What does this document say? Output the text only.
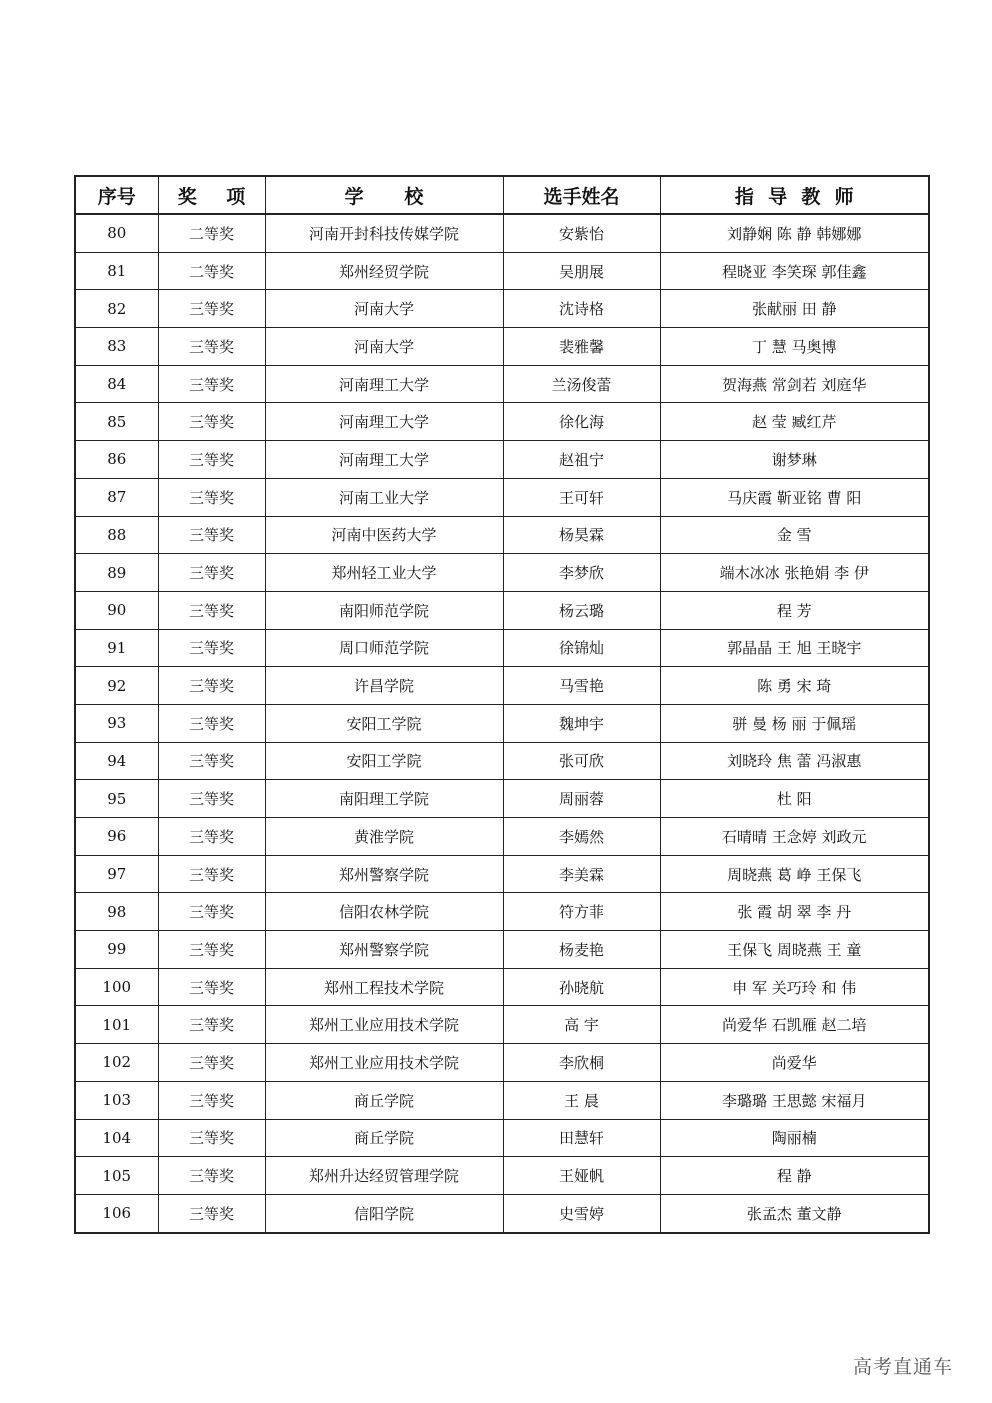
序号	奖 项	学 校	选手姓名	指 导 教 师
80	二等奖	河南开封科技传媒学院	安紫怡	刘静娴 陈 静 韩娜娜
81	二等奖	郑州经贸学院	吴朋展	程晓亚 李笑琛 郭佳鑫
82	三等奖	河南大学	沈诗格	张献丽 田 静
83	三等奖	河南大学	裴雅馨	丁 慧 马奥博
84	三等奖	河南理工大学	兰汤俊蕾	贺海燕 常剑若 刘庭华
85	三等奖	河南理工大学	徐化海	赵 莹 臧红芹
86	三等奖	河南理工大学	赵祖宁	谢梦琳
87	三等奖	河南工业大学	王可轩	马庆霞 靳亚铭 曹 阳
88	三等奖	河南中医药大学	杨昊霖	金 雪
89	三等奖	郑州轻工业大学	李梦欣	端木冰冰 张艳娟 李 伊
90	三等奖	南阳师范学院	杨云璐	程 芳
91	三等奖	周口师范学院	徐锦灿	郭晶晶 王 旭 王晓宇
92	三等奖	许昌学院	马雪艳	陈 勇 宋 琦
93	三等奖	安阳工学院	魏坤宇	骈 曼 杨 丽 于佩瑶
94	三等奖	安阳工学院	张可欣	刘晓玲 焦 蕾 冯淑惠
95	三等奖	南阳理工学院	周丽蓉	杜 阳
96	三等奖	黄淮学院	李嫣然	石晴晴 王念婷 刘政元
97	三等奖	郑州警察学院	李美霖	周晓燕 葛 峥 王保飞
98	三等奖	信阳农林学院	符方菲	张 霞 胡 翠 李 丹
99	三等奖	郑州警察学院	杨麦艳	王保飞 周晓燕 王 童
100	三等奖	郑州工程技术学院	孙晓航	申 军 关巧玲 和 伟
101	三等奖	郑州工业应用技术学院	高 宇	尚爱华 石凯雁 赵二培
102	三等奖	郑州工业应用技术学院	李欣桐	尚爱华
103	三等奖	商丘学院	王 晨	李璐璐 王思懿 宋福月
104	三等奖	商丘学院	田慧轩	陶丽楠
105	三等奖	郑州升达经贸管理学院	王娅帆	程 静
106	三等奖	信阳学院	史雪婷	张孟杰 董文静
高考直通车
